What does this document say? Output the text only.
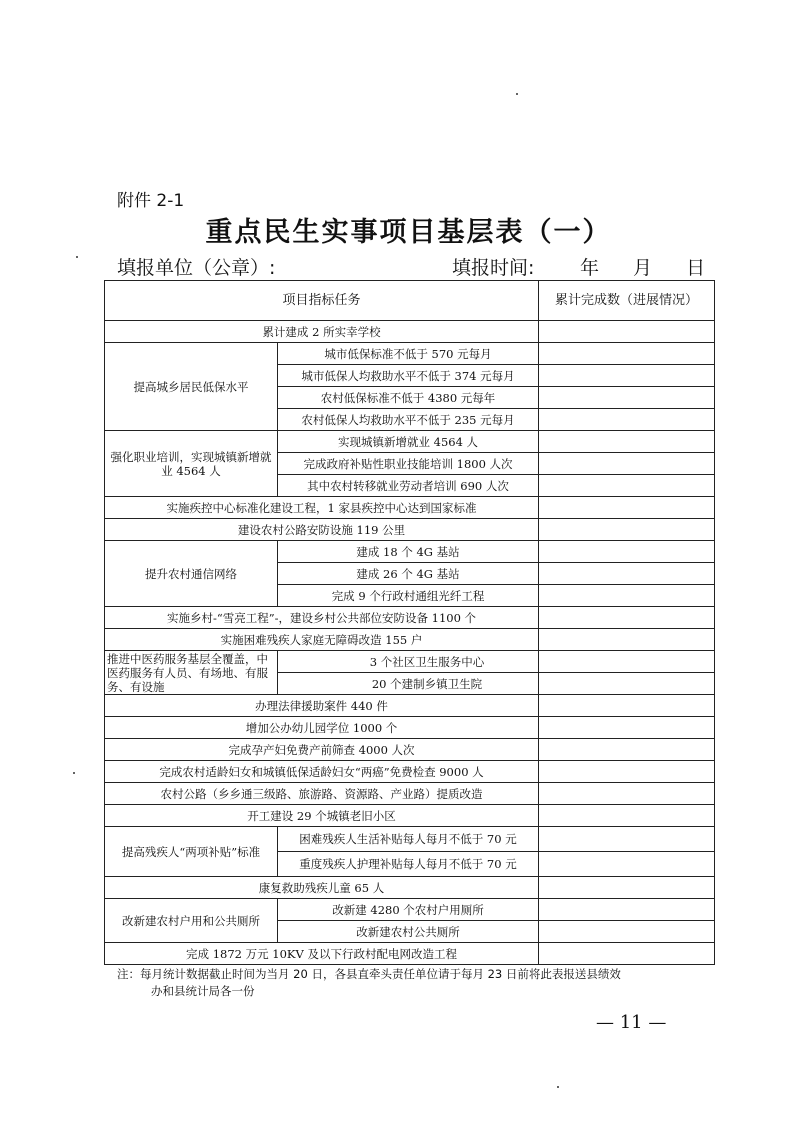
附件 2-1
重点民生实事项目基层表（一）
填报单位（公章）:	填报时间: 年 月 日
项目指标任务		累计完成数（进展情况）
累计建成 2 所实幸学校		
提高城乡居民低保水平	城市低保标准不低于 570 元每月	
	城市低保人均救助水平不低于 374 元每月	
	农村低保标准不低于 4380 元每年	
	农村低保人均救助水平不低于 235 元每月	
强化职业培训，实现城镇新增就业 4564 人	实现城镇新增就业 4564 人	
	完成政府补贴性职业技能培训 1800 人次	
	其中农村转移就业劳动者培训 690 人次	
实施疾控中心标准化建设工程，1 家县疾控中心达到国家标准		
建设农村公路安防设施 119 公里		
提升农村通信网络	建成 18 个 4G 基站	
	建成 26 个 4G 基站	
	完成 9 个行政村通组光纤工程	
实施乡村-“雪亮工程”-，建设乡村公共部位安防设备 1100 个		
实施困难残疾人家庭无障碍改造 155 户		
推进中医药服务基层全覆盖，中医药服务有人员、有场地、有服务、有设施	3 个社区卫生服务中心	
	20 个建制乡镇卫生院	
办理法律援助案件 440 件		
增加公办幼儿园学位 1000 个		
完成孕产妇免费产前筛查 4000 人次		
完成农村适龄妇女和城镇低保适龄妇女“两癌”免费检查 9000 人		
农村公路（乡乡通三级路、旅游路、资源路、产业路）提质改造		
开工建设 29 个城镇老旧小区		
提高残疾人“两项补贴”标准	困难残疾人生活补贴每人每月不低于 70 元	
	重度残疾人护理补贴每人每月不低于 70 元	
康复救助残疾儿童 65 人		
改新建农村户用和公共厕所	改新建 4280 个农村户用厕所	
	改新建农村公共厕所	
完成 1872 万元 10KV 及以下行政村配电网改造工程		
注：每月统计数据截止时间为当月 20 日，各县直牵头责任单位请于每月 23 日前将此表报送县绩效
办和县统计局各一份
— 11 —
